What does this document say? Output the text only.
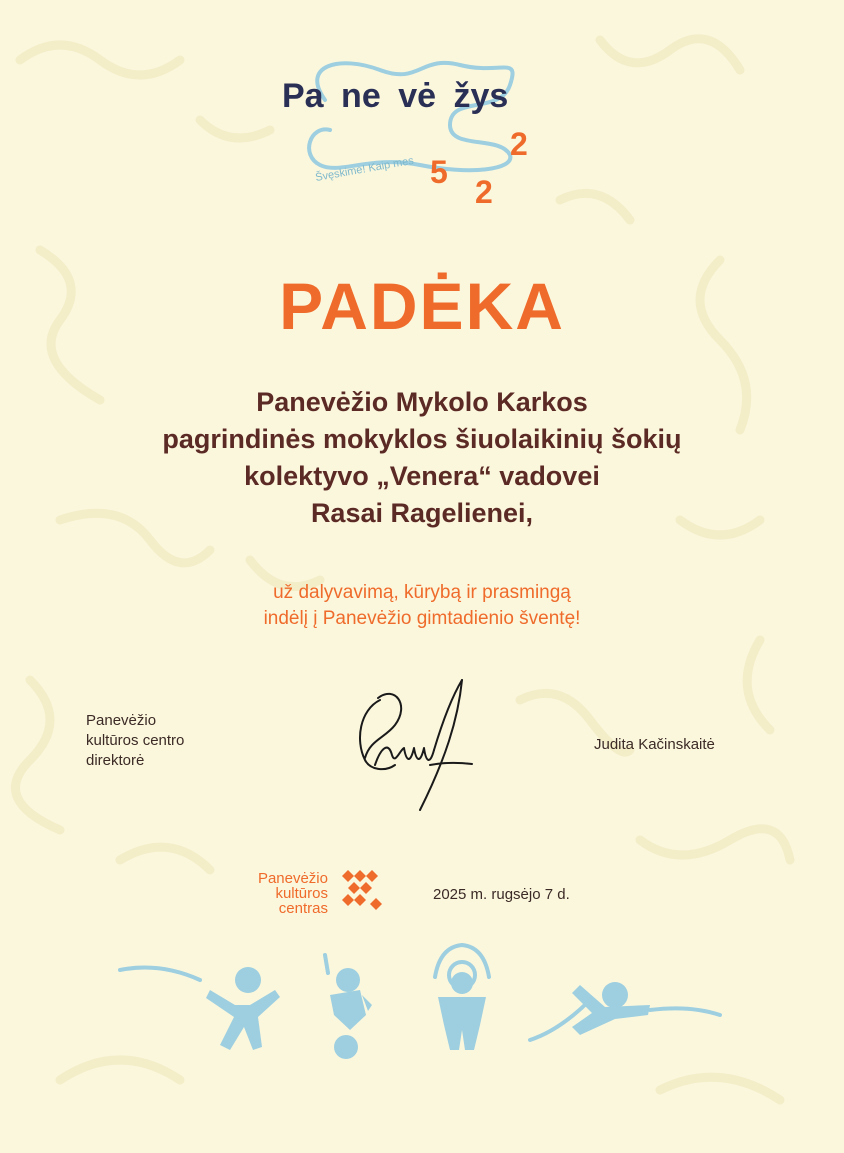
Pa ne vė žys
Švęskime! Kaip mes 5
2
2
PADĖKA
Panevėžio Mykolo Karkos
pagrindinės mokyklos šiuolaikinių šokių
kolektyvo „Venera“ vadovei
Rasai Ragelienei,
už dalyvavimą, kūrybą ir prasmingą
indėlį į Panevėžio gimtadienio šventę!
Panevėžio
kultūros centro
direktorė
Judita Kačinskaitė
Panevėžio
kultūros
centras
2025 m. rugsėjo 7 d.
